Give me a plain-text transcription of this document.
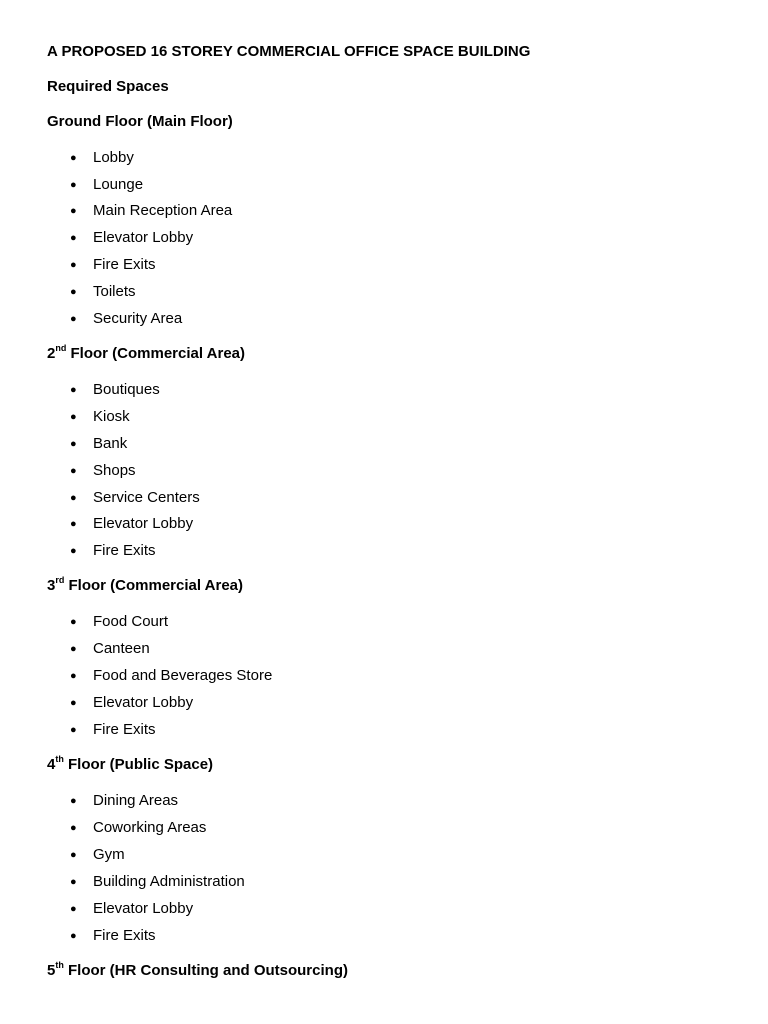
A PROPOSED 16 STOREY COMMERCIAL OFFICE SPACE BUILDING
Required Spaces
Ground Floor (Main Floor)
● Lobby
● Lounge
● Main Reception Area
● Elevator Lobby
● Fire Exits
● Toilets
● Security Area
2nd Floor (Commercial Area)
● Boutiques
● Kiosk
● Bank
● Shops
● Service Centers
● Elevator Lobby
● Fire Exits
3rd Floor (Commercial Area)
● Food Court
● Canteen
● Food and Beverages Store
● Elevator Lobby
● Fire Exits
4th Floor (Public Space)
● Dining Areas
● Coworking Areas
● Gym
● Building Administration
● Elevator Lobby
● Fire Exits
5th Floor (HR Consulting and Outsourcing)
